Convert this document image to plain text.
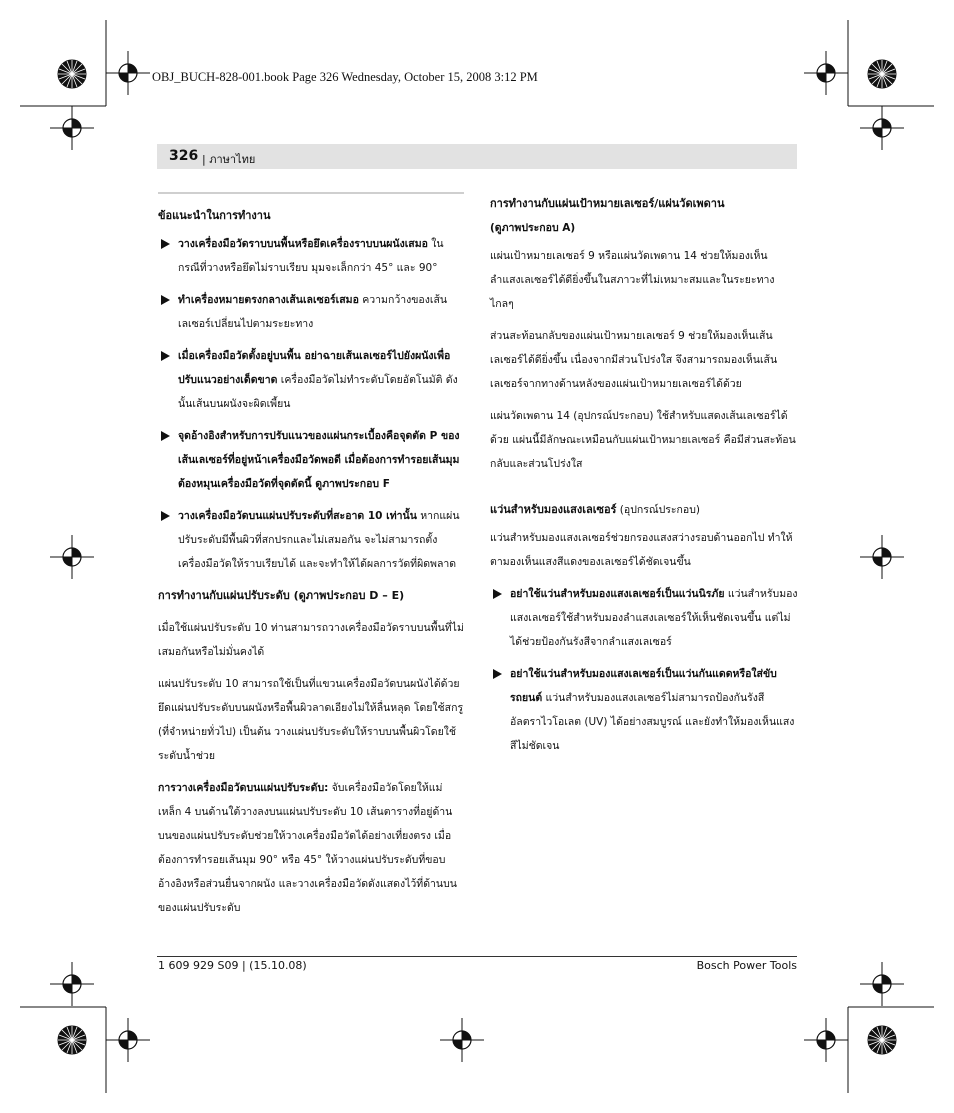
OBJ_BUCH-828-001.book Page 326 Wednesday, October 15, 2008 3:12 PM
326 | ภาษาไทย
ข้อแนะนำในการทำงาน
วางเครื่องมือวัดราบบนพื้นหรือยึดเครื่องราบบนผนังเสมอ ในกรณีที่วางหรือยึดไม่ราบเรียบ มุมจะเล็กกว่า 45° และ 90°
ทำเครื่องหมายตรงกลางเส้นเลเซอร์เสมอ ความกว้างของเส้นเลเซอร์เปลี่ยนไปตามระยะทาง
เมื่อเครื่องมือวัดตั้งอยู่บนพื้น อย่าฉายเส้นเลเซอร์ไปยังผนังเพื่อปรับแนวอย่างเด็ดขาด เครื่องมือวัดไม่ทำระดับโดยอัตโนมัติ ดังนั้นเส้นบนผนังจะผิดเพี้ยน
จุดอ้างอิงสำหรับการปรับแนวของแผ่นกระเบื้องคือจุดตัด P ของเส้นเลเซอร์ที่อยู่หน้าเครื่องมือวัดพอดี เมื่อต้องการทำรอยเส้นมุม ต้องหมุนเครื่องมือวัดที่จุดตัดนี้ ดูภาพประกอบ F
วางเครื่องมือวัดบนแผ่นปรับระดับที่สะอาด 10 เท่านั้น หากแผ่นปรับระดับมีพื้นผิวที่สกปรกและไม่เสมอกัน จะไม่สามารถตั้งเครื่องมือวัดให้ราบเรียบได้ และจะทำให้ได้ผลการวัดที่ผิดพลาด
การทำงานกับแผ่นปรับระดับ (ดูภาพประกอบ D – E)

เมื่อใช้แผ่นปรับระดับ 10 ท่านสามารถวางเครื่องมือวัดราบบนพื้นที่ไม่เสมอกันหรือไม่มั่นคงได้

แผ่นปรับระดับ 10 สามารถใช้เป็นที่แขวนเครื่องมือวัดบนผนังได้ด้วย ยึดแผ่นปรับระดับบนผนังหรือพื้นผิวลาดเอียงไม่ให้ลื่นหลุด โดยใช้สกรู (ที่จำหน่ายทั่วไป) เป็นต้น วางแผ่นปรับระดับให้ราบบนพื้นผิวโดยใช้ระดับน้ำช่วย

การวางเครื่องมือวัดบนแผ่นปรับระดับ: จับเครื่องมือวัดโดยให้แม่เหล็ก 4 บนด้านใต้วางลงบนแผ่นปรับระดับ 10 เส้นตารางที่อยู่ด้านบนของแผ่นปรับระดับช่วยให้วางเครื่องมือวัดได้อย่างเที่ยงตรง เมื่อต้องการทำรอยเส้นมุม 90° หรือ 45° ให้วางแผ่นปรับระดับที่ขอบอ้างอิงหรือส่วนยื่นจากผนัง และวางเครื่องมือวัดดังแสดงไว้ที่ด้านบนของแผ่นปรับระดับ

การทำงานกับแผ่นเป้าหมายเลเซอร์/แผ่นวัดเพดาน
(ดูภาพประกอบ A)

แผ่นเป้าหมายเลเซอร์ 9 หรือแผ่นวัดเพดาน 14 ช่วยให้มองเห็นลำแสงเลเซอร์ได้ดียิ่งขึ้นในสภาวะที่ไม่เหมาะสมและในระยะทางไกลๆ

ส่วนสะท้อนกลับของแผ่นเป้าหมายเลเซอร์ 9 ช่วยให้มองเห็นเส้นเลเซอร์ได้ดียิ่งขึ้น เนื่องจากมีส่วนโปร่งใส จึงสามารถมองเห็นเส้นเลเซอร์จากทางด้านหลังของแผ่นเป้าหมายเลเซอร์ได้ด้วย

แผ่นวัดเพดาน 14 (อุปกรณ์ประกอบ) ใช้สำหรับแสดงเส้นเลเซอร์ได้ด้วย แผ่นนี้มีลักษณะเหมือนกับแผ่นเป้าหมายเลเซอร์ คือมีส่วนสะท้อนกลับและส่วนโปร่งใส

แว่นสำหรับมองแสงเลเซอร์ (อุปกรณ์ประกอบ)

แว่นสำหรับมองแสงเลเซอร์ช่วยกรองแสงสว่างรอบด้านออกไป ทำให้ตามองเห็นแสงสีแดงของเลเซอร์ได้ชัดเจนขึ้น

อย่าใช้แว่นสำหรับมองแสงเลเซอร์เป็นแว่นนิรภัย แว่นสำหรับมองแสงเลเซอร์ใช้สำหรับมองลำแสงเลเซอร์ให้เห็นชัดเจนขึ้น แต่ไม่ได้ช่วยป้องกันรังสีจากลำแสงเลเซอร์
อย่าใช้แว่นสำหรับมองแสงเลเซอร์เป็นแว่นกันแดดหรือใส่ขับรถยนต์ แว่นสำหรับมองแสงเลเซอร์ไม่สามารถป้องกันรังสีอัลตราไวโอเลต (UV) ได้อย่างสมบูรณ์ และยังทำให้มองเห็นแสงสีไม่ชัดเจน
1 609 929 S09 | (15.10.08)	Bosch Power Tools
